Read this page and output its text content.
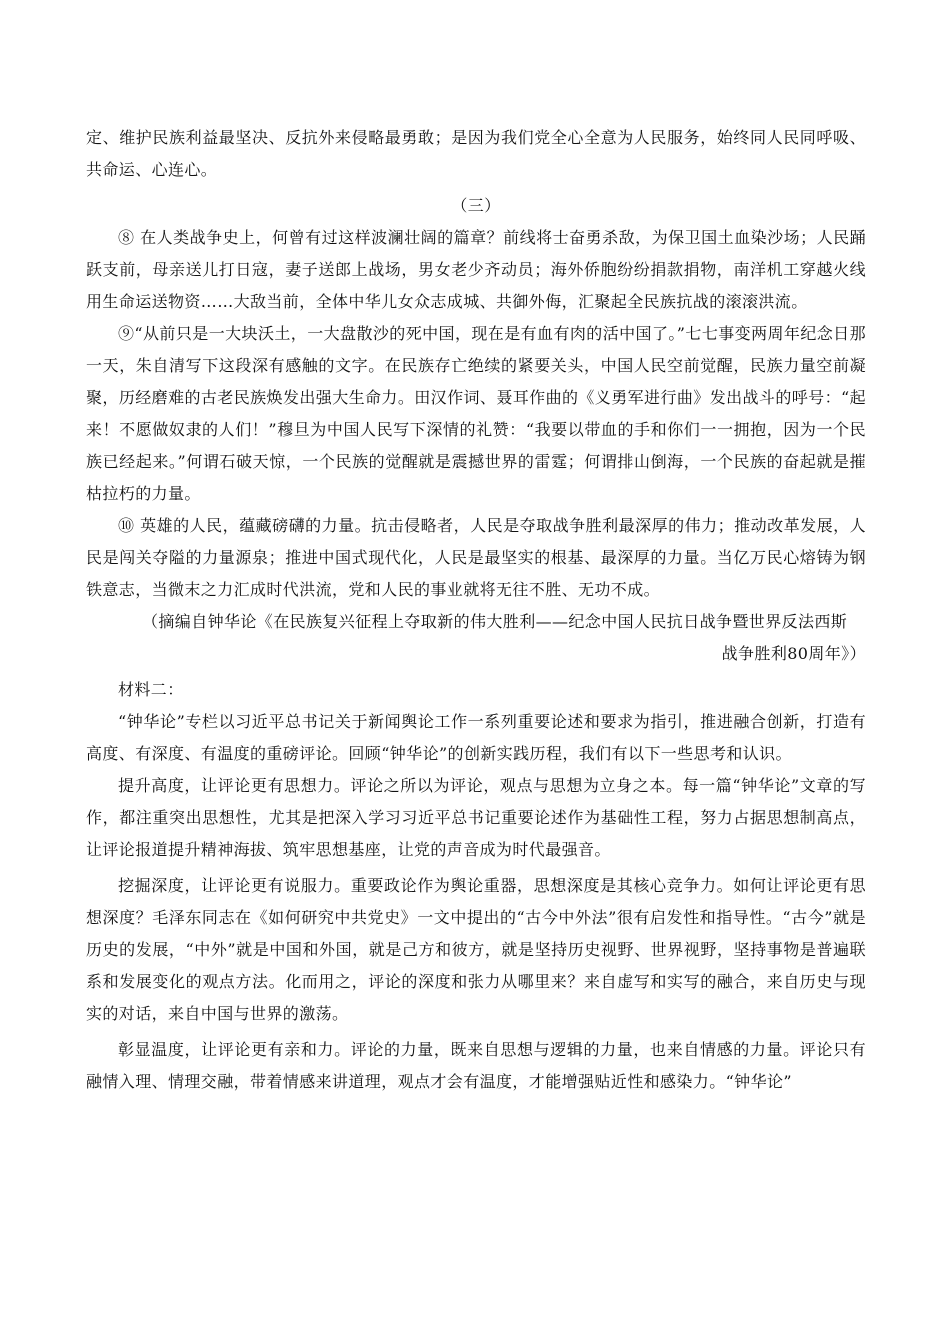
定、维护民族利益最坚决、反抗外来侵略最勇敢；是因为我们党全心全意为人民服务，始终同人民同呼吸、共命运、心连心。

（三）

⑧ 在人类战争史上，何曾有过这样波澜壮阔的篇章？前线将士奋勇杀敌，为保卫国土血染沙场；人民踊跃支前，母亲送儿打日寇，妻子送郎上战场，男女老少齐动员；海外侨胞纷纷捐款捐物，南洋机工穿越火线用生命运送物资……大敌当前，全体中华儿女众志成城、共御外侮，汇聚起全民族抗战的滚滚洪流。

⑨“从前只是一大块沃土，一大盘散沙的死中国，现在是有血有肉的活中国了。”七七事变两周年纪念日那一天，朱自清写下这段深有感触的文字。在民族存亡绝续的紧要关头，中国人民空前觉醒，民族力量空前凝聚，历经磨难的古老民族焕发出强大生命力。田汉作词、聂耳作曲的《义勇军进行曲》发出战斗的呼号：“起来！不愿做奴隶的人们！”穆旦为中国人民写下深情的礼赞：“我要以带血的手和你们一一拥抱，因为一个民族已经起来。”何谓石破天惊，一个民族的觉醒就是震撼世界的雷霆；何谓排山倒海，一个民族的奋起就是摧枯拉朽的力量。

⑩ 英雄的人民，蕴藏磅礴的力量。抗击侵略者，人民是夺取战争胜利最深厚的伟力；推动改革发展，人民是闯关夺隘的力量源泉；推进中国式现代化，人民是最坚实的根基、最深厚的力量。当亿万民心熔铸为钢铁意志，当微末之力汇成时代洪流，党和人民的事业就将无往不胜、无功不成。

（摘编自钟华论《在民族复兴征程上夺取新的伟大胜利——纪念中国人民抗日战争暨世界反法西斯

战争胜利80周年》）

材料二：

“钟华论”专栏以习近平总书记关于新闻舆论工作一系列重要论述和要求为指引，推进融合创新，打造有高度、有深度、有温度的重磅评论。回顾“钟华论”的创新实践历程，我们有以下一些思考和认识。

提升高度，让评论更有思想力。评论之所以为评论，观点与思想为立身之本。每一篇“钟华论”文章的写作，都注重突出思想性，尤其是把深入学习习近平总书记重要论述作为基础性工程，努力占据思想制高点，让评论报道提升精神海拔、筑牢思想基座，让党的声音成为时代最强音。

挖掘深度，让评论更有说服力。重要政论作为舆论重器，思想深度是其核心竞争力。如何让评论更有思想深度？毛泽东同志在《如何研究中共党史》一文中提出的“古今中外法”很有启发性和指导性。“古今”就是历史的发展，“中外”就是中国和外国，就是己方和彼方，就是坚持历史视野、世界视野，坚持事物是普遍联系和发展变化的观点方法。化而用之，评论的深度和张力从哪里来？来自虚写和实写的融合，来自历史与现实的对话，来自中国与世界的激荡。

彰显温度，让评论更有亲和力。评论的力量，既来自思想与逻辑的力量，也来自情感的力量。评论只有融情入理、情理交融，带着情感来讲道理，观点才会有温度，才能增强贴近性和感染力。“钟华论”
